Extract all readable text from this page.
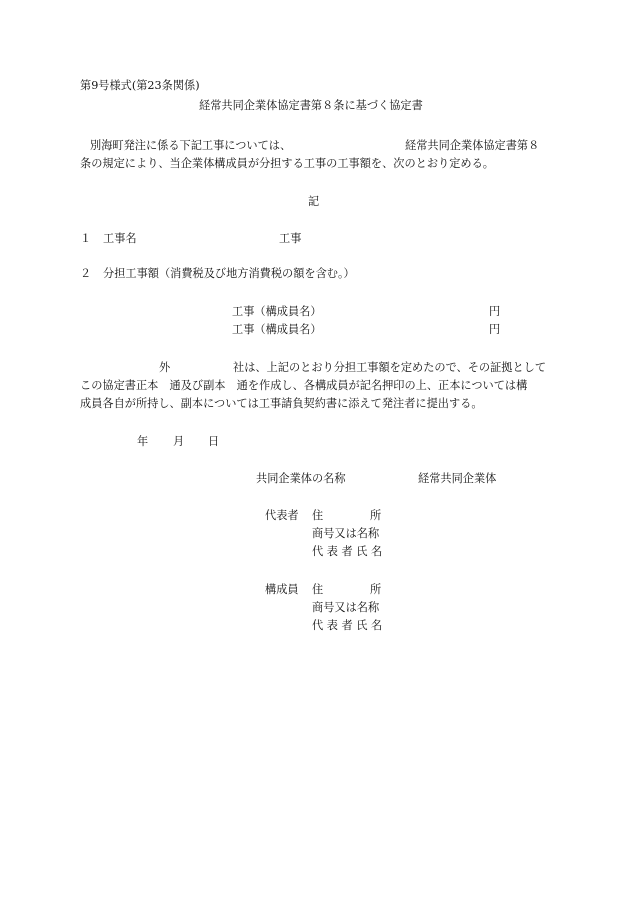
第9号様式(第23条関係)
経常共同企業体協定書第８条に基づく協定書
別海町発注に係る下記工事については、	経常共同企業体協定書第８
条の規定により、当企業体構成員が分担する工事の工事額を、次のとおり定める。
記
１ 工事名	工事
２ 分担工事額（消費税及び地方消費税の額を含む。）
工事（構成員名）	円
工事（構成員名）	円
外	社は、上記のとおり分担工事額を定めたので、その証拠として
この協定書正本　通及び副本　通を作成し、各構成員が記名押印の上、正本については構
成員各自が所持し、副本については工事請負契約書に添えて発注者に提出する。
年 月 日
共同企業体の名称	経常共同企業体
代表者 住	所
商号又は名称
代 表 者 氏 名
構成員 住	所
商号又は名称
代 表 者 氏 名
